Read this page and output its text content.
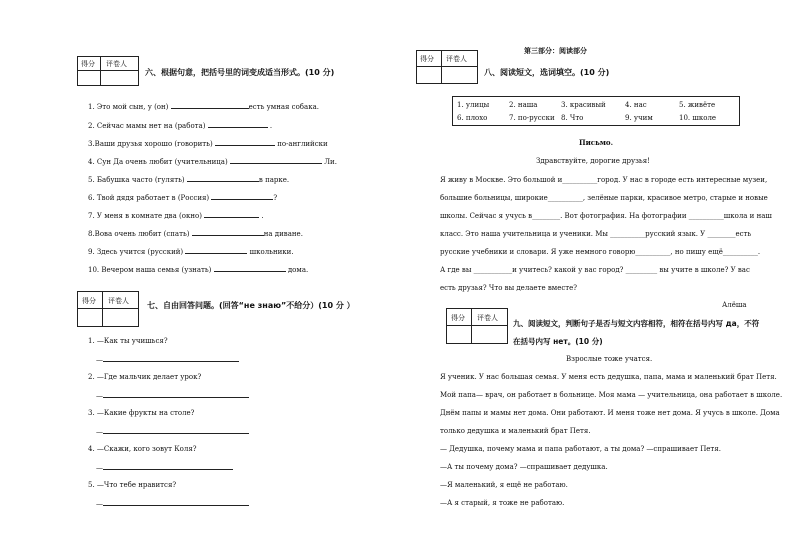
得分 评卷人
六、根据句意，把括号里的词变成适当形式。(10 分)
1. Это мой сын, у (он)	есть умная собака.
2. Сейчас мамы нет на (работа)	.
3.Ваши друзья хорошо (говорить)	по-английски
4. Сун Да очень любит (учительница)	Ли.
5. Бабушка часто (гулять)	в парке.
6. Твой дядя работает в (Россия)	?
7. У меня в комнате два (окно)	.
8.Вова очень любит (спать)	на диване.
9. Здесь учится (русский)	школьники.
10. Вечером наша семья (узнать)	дома.
得分 评卷人 七、自由回答问题。(回答“не знаю”不给分）(10 分 ）
1. —Как ты учишься?
—
2. —Где мальчик делает урок?
—
3. —Какие фрукты на столе?
—
4. —Скажи, кого зовут Коля?
—
5. —Что тебе нравится?
—
第三部分：阅读部分
得分 评卷人
八、阅读短文，选词填空。(10 分)
1. улицы	2. наша	3. красивый	4. нас	5. живёте
6. плохо	7. по-русски 8. Что	9. учим	10. школе
Письмо.
Здравствуйте, дорогие друзья!
Я живу в Москве. Это большой и__________город. У нас в городе есть интересные музеи,
большие больницы, широкие__________, зелёные парки, красивое метро, старые и новые
школы. Сейчас я учусь в________. Вот фотография. На фотографии __________школа и наш
класс. Это наша учительница и ученики. Мы __________русский язык. У ________есть
русские учебники и словари. Я уже немного говорю__________, но пишу ещё__________.
А где вы ___________и учитесь? какой у вас город? _________ вы учите в школе? У вас
есть друзья? Что вы делаете вместе?
Алёша
得分 评卷人
九、阅读短文，判断句子是否与短文内容相符，相符在括号内写 да，不符
在括号内写 нет。(10 分)
Взрослые тоже учатся.
Я ученик. У нас большая семья. У меня есть дедушка, папа, мама и маленький брат Петя.
Мой папа— врач, он работает в больнице. Моя мама — учительница, она работает в школе.
Днём папы и мамы нет дома. Они работают. И меня тоже нет дома. Я учусь в школе. Дома
только дедушка и маленький брат Петя.
— Дедушка, почему мама и папа работают, а ты дома? —спрашивает Петя.
—А ты почему дома? —спрашивает дедушка.
—Я маленький, я ещё не работаю.
—А я старый, я тоже не работаю.
